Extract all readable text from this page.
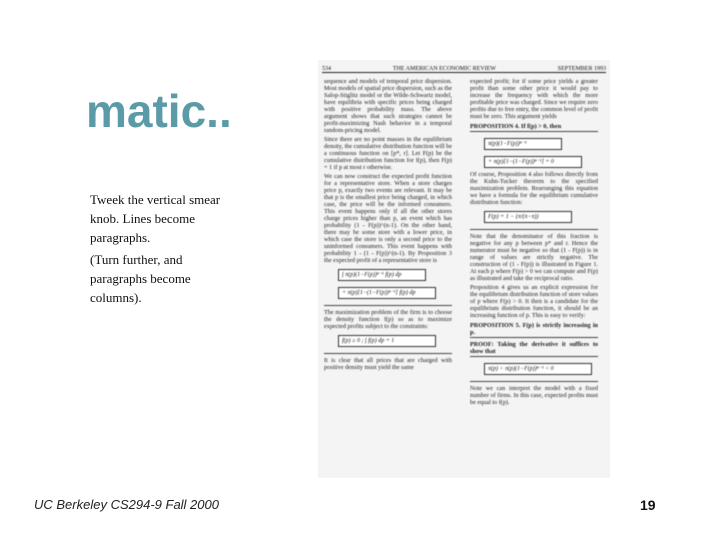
matic..
Tweek the vertical smear knob. Lines become paragraphs.
(Turn further, and paragraphs become columns).
534	THE AMERICAN ECONOMIC REVIEW	SEPTEMBER 1993

sequence and models of temporal price dispersion. Most models of spatial price dispersion, such as the Salop-Stiglitz model or the Wilde-Schwartz model, have equilibria with specific prices being charged with positive probability mass. The above argument shows that such strategies cannot be profit-maximizing Nash behavior in a temporal random-pricing model.

Since there are no point masses in the equilibrium density, the cumulative distribution function will be a continuous function on [p*, r]. Let F(p) be the cumulative distribution function for f(p), then F(p) = 1 if p at most r otherwise.

We can now construct the expected profit function for a representative store. When a store charges price p, exactly two events are relevant. It may be that p is the smallest price being charged, in which case, the price will be the informed consumers. This event happens only if all the other stores charge prices higher than p, an event which has probability (1 - F(p))^(n-1). On the other hand, there may be some store with a lower price, in which case the store is only a second price to the uninformed consumers. This event happens with probability 1 - (1 - F(p))^(n-1). By Proposition 3 the expected profit of a representative store is

∫ π(p)(1−F(p))ⁿ⁻¹ f(p) dp + π(p)[1−(1−F(p))ⁿ⁻¹] f(p) dp

The maximization problem of the firm is to choose the density function f(p) so as to maximize expected profits subject to the constraints:

f(p) ≥ 0 ; ∫ f(p) dp = 1

It is clear that all prices that are charged with positive density must yield the same

expected profit; for if some price yields a greater profit than some other price it would pay to increase the frequency with which the more profitable price was charged. Since we require zero profits due to free entry, the common level of profit must be zero. This argument yields

PROPOSITION 4. If f(p) > 0, then
π(p)(1−F(p))ⁿ⁻¹ + π(p)[1−(1−F(p))ⁿ⁻¹] = 0

Of course, Proposition 4 also follows directly from the Kuhn-Tucker theorem to the specified maximization problem. Rearranging this equation we have a formula for the equilibrium cumulative distribution function:

F(p) = 1 − (π/(π−π))

Note that the denominator of this fraction is negative for any p between p* and r. Hence the numerator must be negative so that (1 - F(p)) is in range of values are strictly negative. The construction of (1 - F(p)) is illustrated in Figure 1. At each p where F(p) > 0 we can compute and F(p) as illustrated and take the reciprocal ratio.

Proposition 4 gives us an explicit expression for the equilibrium distribution function of store values of p where F(p) > 0. It then is a candidate for the equilibrium distribution function, it should be an increasing function of p. This is easy to verify:

PROPOSITION 5. F(p) is strictly increasing in p.
PROOF: Taking the derivative it suffices to show that
π(p) < π(p)(1−F(p))ⁿ⁻¹ < 0

Note we can interpret the model with a fixed number of firms. In this case, expected profits must be equal to f(p).

UC Berkeley CS294-9 Fall 2000	19
